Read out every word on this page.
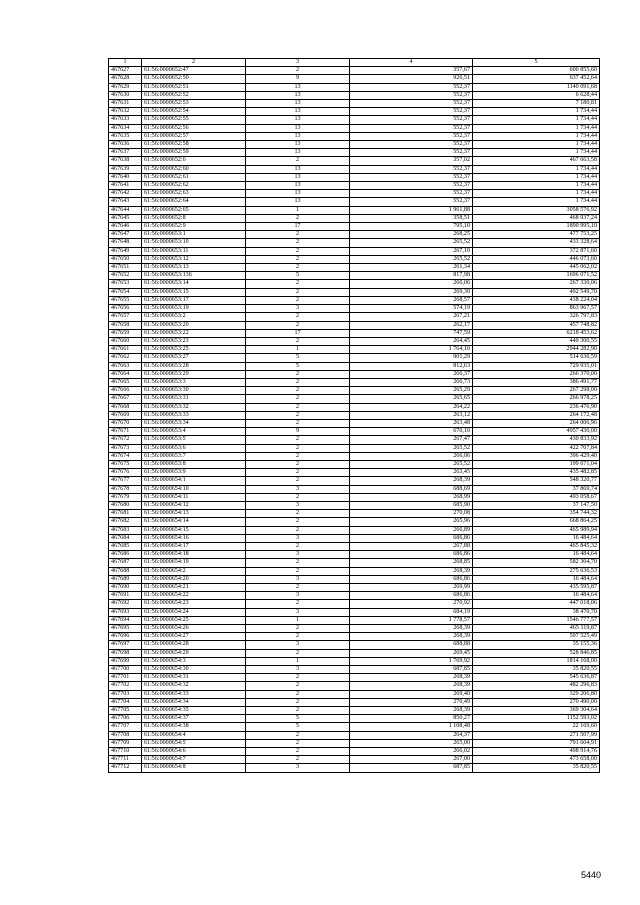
1	2	3	4	5
467627	61:56:0000652:47	2	357,67	600 855,60
467628	61:56:0000652:50	9	926,51	637 452,64
467629	61:56:0000652:51	13	552,37	1140 091,68
467630	61:56:0000652:52	13	552,37	6 628,44
467631	61:56:0000652:53	13	552,37	7 180,81
467632	61:56:0000652:54	13	552,37	1 734,44
467633	61:56:0000652:55	13	552,37	1 734,44
467634	61:56:0000652:56	13	552,37	1 734,44
467635	61:56:0000652:57	13	552,37	1 734,44
467636	61:56:0000652:58	13	552,37	1 734,44
467637	61:56:0000652:59	13	552,37	1 734,44
467638	61:56:0000652:6	2	357,02	467 663,58
467639	61:56:0000652:60	13	552,37	1 734,44
467640	61:56:0000652:61	13	552,37	1 734,44
467641	61:56:0000652:62	13	552,37	1 734,44
467642	61:56:0000652:63	13	552,37	1 734,44
467643	61:56:0000652:64	13	552,37	1 734,44
467644	61:56:0000652:65	1	1 961,88	3058 576,92
467645	61:56:0000652:8	2	358,51	468 937,24
467646	61:56:0000652:9	17	795,10	1890 995,10
467647	61:56:0000653:1	2	268,25	477 753,25
467648	61:56:0000653:10	2	265,52	433 328,64
467649	61:56:0000653:11	2	267,10	372 871,60
467650	61:56:0000653:12	2	265,52	446 073,60
467651	61:56:0000653:13	2	261,34	445 062,02
467652	61:56:0000653:136	5	817,98	1696 071,52
467653	61:56:0000653:14	2	266,06	267 330,06
467654	61:56:0000653:15	2	269,30	492 549,70
467655	61:56:0000653:17	2	268,57	438 224,04
467656	61:56:0000653:19	3	574,19	863 967,57
467657	61:56:0000653:2	2	267,21	326 797,83
467658	61:56:0000653:20	2	262,17	457 748,82
467659	61:56:0000653:22	17	747,59	6218 453,62
467660	61:56:0000653:23	2	264,45	449 300,55
467661	61:56:0000653:25	1	1 764,10	2944 282,90
467662	61:56:0000653:27	5	901,29	514 636,59
467663	61:56:0000653:28	5	812,63	729 935,01
467664	61:56:0000653:29	2	266,37	266 370,00
467665	61:56:0000653:3	2	266,73	386 491,77
467666	61:56:0000653:30	2	265,29	267 298,00
467667	61:56:0000653:31	2	265,65	266 978,25
467668	61:56:0000653:32	2	264,22	236 476,90
467669	61:56:0000653:33	2	263,12	264 172,48
467670	61:56:0000653:34	2	263,48	264 006,96
467671	61:56:0000653:4	9	670,10	4957 430,00
467672	61:56:0000653:5	2	267,47	430 833,92
467673	61:56:0000653:6	2	265,52	422 707,84
467674	61:56:0000653:7	2	266,06	396 429,40
467675	61:56:0000653:8	2	265,52	199 671,04
467676	61:56:0000653:9	2	263,45	435 482,85
467677	61:56:0000654:1	2	268,39	548 320,77
467678	61:56:0000654:10	3	688,69	37 869,74
467679	61:56:0000654:11	2	268,99	493 058,67
467680	61:56:0000654:12	3	685,90	37 147,50
467681	61:56:0000654:13	2	270,08	354 744,32
467682	61:56:0000654:14	2	265,96	668 864,25
467683	61:56:0000654:15	2	266,89	465 989,94
467684	61:56:0000654:16	3	686,86	16 484,64
467685	61:56:0000654:17	2	267,88	465 845,32
467686	61:56:0000654:18	3	686,86	16 484,64
467687	61:56:0000654:19	2	268,85	582 304,70
467688	61:56:0000654:2	2	268,39	275 636,53
467689	61:56:0000654:20	3	686,86	16 484,64
467690	61:56:0000654:21	2	269,99	435 595,87
467691	61:56:0000654:22	3	686,86	16 484,64
467692	61:56:0000654:23	2	270,92	447 018,06
467693	61:56:0000654:24	3	684,19	38 470,70
467694	61:56:0000654:25	1	1 778,57	1546 777,57
467695	61:56:0000654:26	2	268,39	465 119,87
467696	61:56:0000654:27	2	268,39	597 525,49
467697	61:56:0000654:28	3	688,88	35 155,36
467698	61:56:0000654:29	2	269,45	528 846,85
467699	61:56:0000654:3	1	1 769,92	1814 168,00
467700	61:56:0000654:30	3	687,85	35 820,55
467701	61:56:0000654:31	2	268,39	545 636,87
467702	61:56:0000654:32	2	268,39	482 296,83
467703	61:56:0000654:33	2	269,40	329 206,80
467704	61:56:0000654:34	2	270,49	270 490,00
467705	61:56:0000654:35	2	268,39	369 304,64
467706	61:56:0000654:37	5	850,27	1152 593,02
467707	61:56:0000654:38	5	1 108,48	22 169,60
467708	61:56:0000654:4	2	264,37	271 507,99
467709	61:56:0000654:5	2	265,00	791 604,91
467710	61:56:0000654:6	2	266,02	498 914,76
467711	61:56:0000654:7	2	267,00	473 658,00
467712	61:56:0000654:8	3	687,85	35 820,55
5440
